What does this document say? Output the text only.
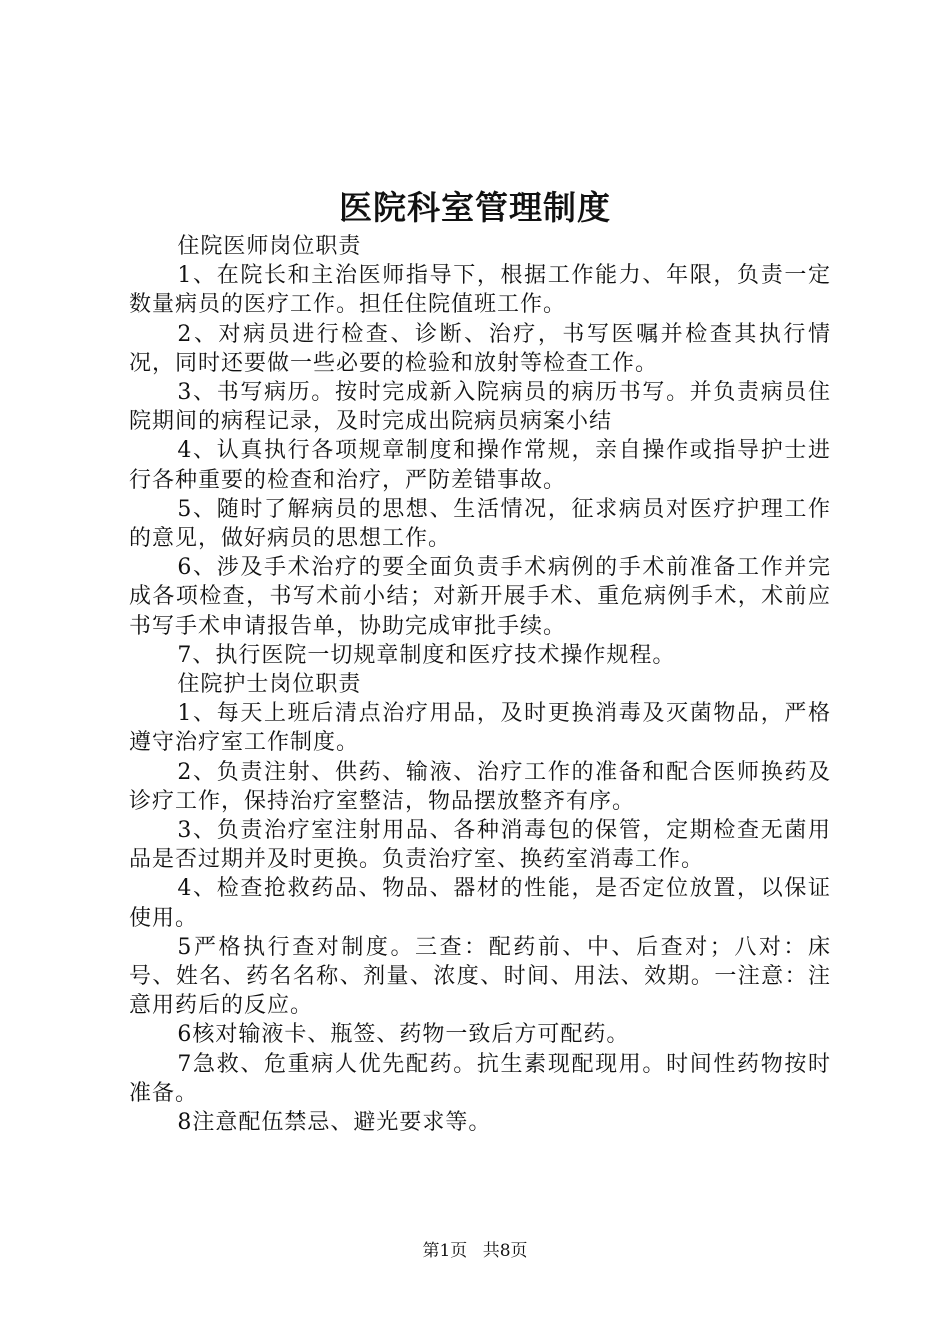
医院科室管理制度

住院医师岗位职责

1、在院长和主治医师指导下，根据工作能力、年限，负责一定数量病员的医疗工作。担任住院值班工作。

2、对病员进行检查、诊断、治疗，书写医嘱并检查其执行情况，同时还要做一些必要的检验和放射等检查工作。

3、书写病历。按时完成新入院病员的病历书写。并负责病员住院期间的病程记录，及时完成出院病员病案小结

4、认真执行各项规章制度和操作常规，亲自操作或指导护士进行各种重要的检查和治疗，严防差错事故。

5、随时了解病员的思想、生活情况，征求病员对医疗护理工作的意见，做好病员的思想工作。

6、涉及手术治疗的要全面负责手术病例的手术前准备工作并完成各项检查，书写术前小结；对新开展手术、重危病例手术，术前应书写手术申请报告单，协助完成审批手续。

7、执行医院一切规章制度和医疗技术操作规程。

住院护士岗位职责

1、每天上班后清点治疗用品，及时更换消毒及灭菌物品，严格遵守治疗室工作制度。

2、负责注射、供药、输液、治疗工作的准备和配合医师换药及诊疗工作，保持治疗室整洁，物品摆放整齐有序。

3、负责治疗室注射用品、各种消毒包的保管，定期检查无菌用品是否过期并及时更换。负责治疗室、换药室消毒工作。

4、检查抢救药品、物品、器材的性能，是否定位放置，以保证使用。

5严格执行查对制度。三查：配药前、中、后查对；八对：床号、姓名、药名名称、剂量、浓度、时间、用法、效期。一注意：注意用药后的反应。

6核对输液卡、瓶签、药物一致后方可配药。

7急救、危重病人优先配药。抗生素现配现用。时间性药物按时准备。

8注意配伍禁忌、避光要求等。

第1页 共8页
